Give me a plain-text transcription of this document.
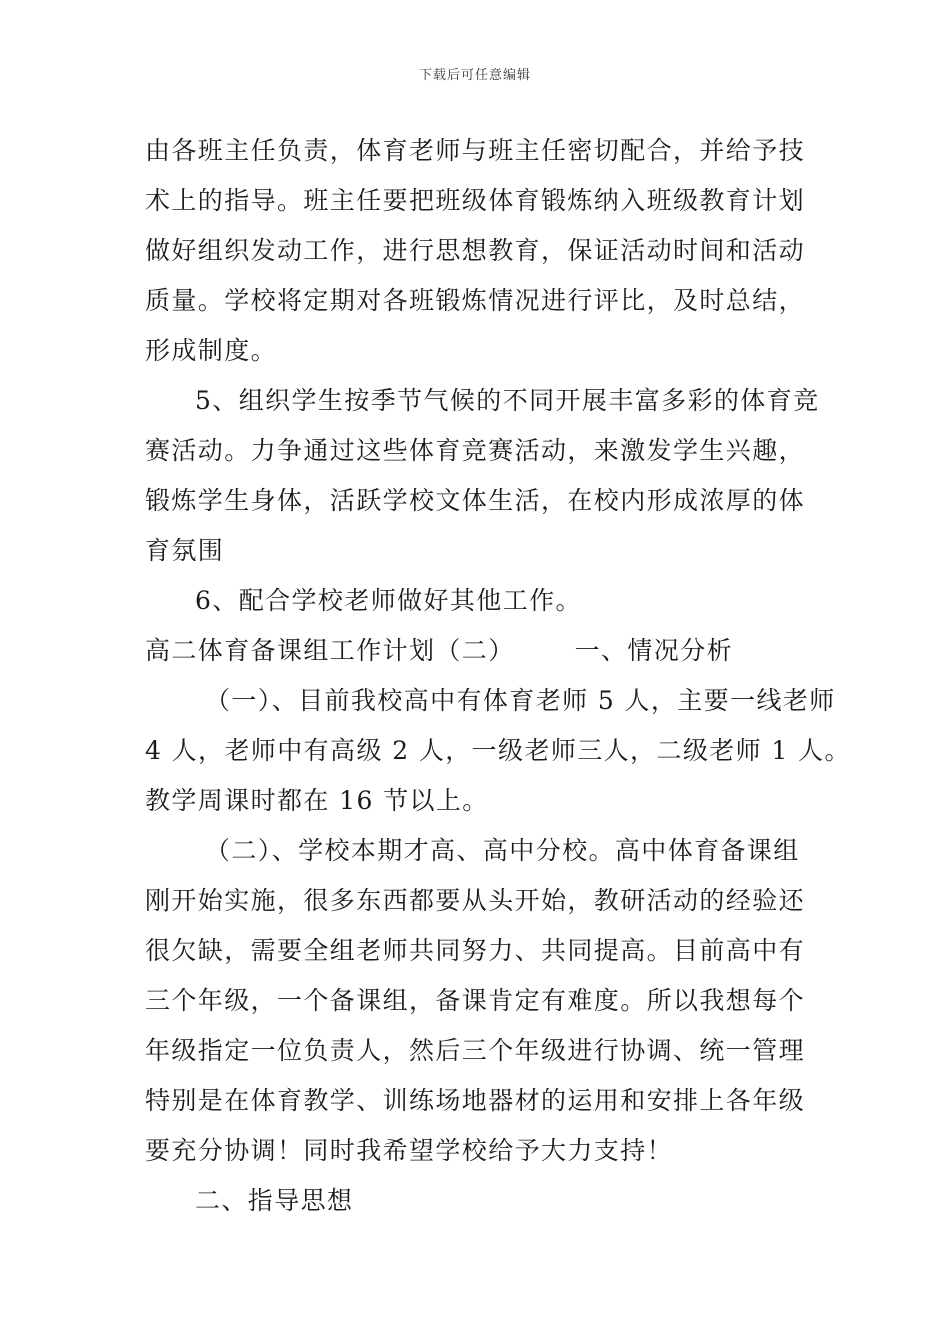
下载后可任意编辑
由各班主任负责，体育老师与班主任密切配合，并给予技
术上的指导。班主任要把班级体育锻炼纳入班级教育计划
做好组织发动工作，进行思想教育，保证活动时间和活动
质量。学校将定期对各班锻炼情况进行评比，及时总结，
形成制度。
5、组织学生按季节气候的不同开展丰富多彩的体育竞
赛活动。力争通过这些体育竞赛活动，来激发学生兴趣，
锻炼学生身体，活跃学校文体生活，在校内形成浓厚的体
育氛围
6、配合学校老师做好其他工作。
高二体育备课组工作计划（二） 一、情况分析
（一）、目前我校高中有体育老师 5 人，主要一线老师
4 人，老师中有高级 2 人，一级老师三人，二级老师 1 人。
教学周课时都在 16 节以上。
（二）、学校本期才高、高中分校。高中体育备课组
刚开始实施，很多东西都要从头开始，教研活动的经验还
很欠缺，需要全组老师共同努力、共同提高。目前高中有
三个年级，一个备课组，备课肯定有难度。所以我想每个
年级指定一位负责人，然后三个年级进行协调、统一管理
特别是在体育教学、训练场地器材的运用和安排上各年级
要充分协调！同时我希望学校给予大力支持！
二、指导思想
